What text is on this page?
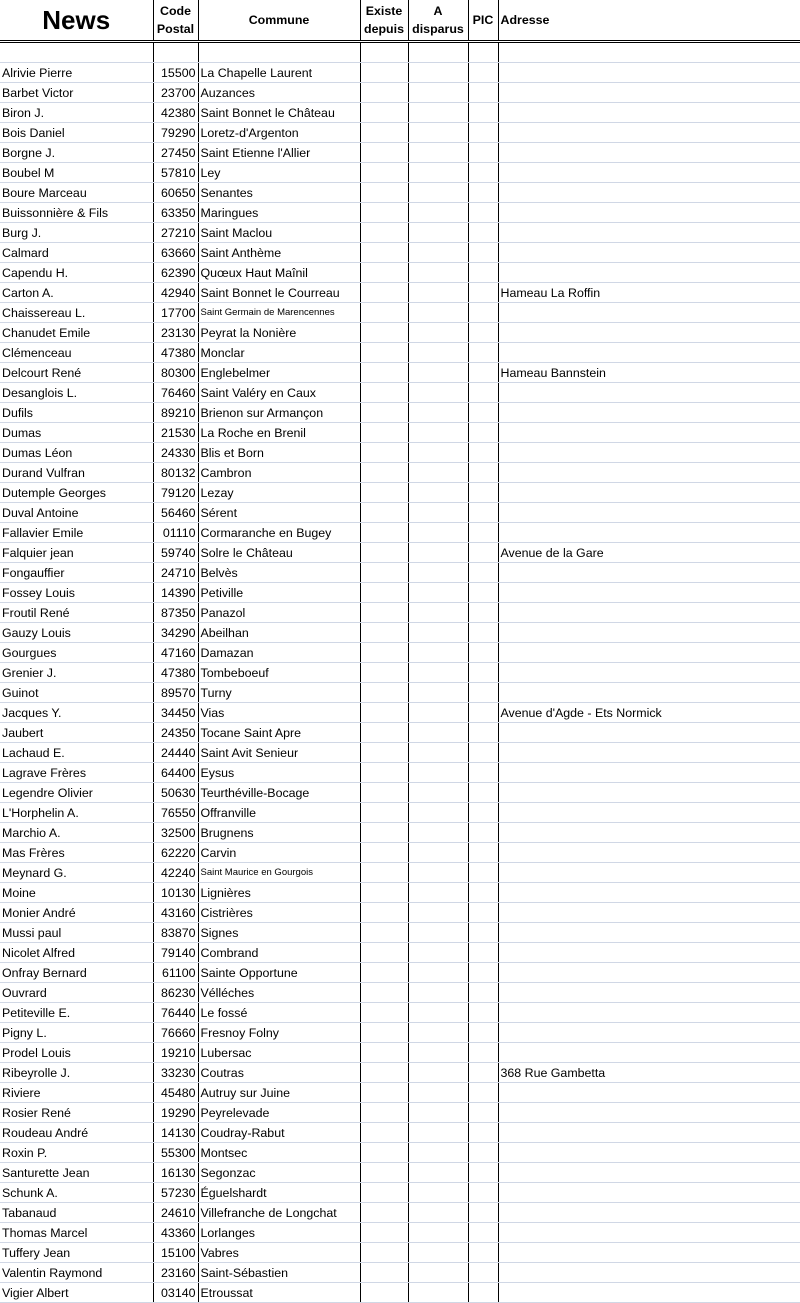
News	Code Postal	Commune	Existe depuis	A disparus	PIC	Adresse

Alrivie Pierre	15500	La Chapelle Laurent				
Barbet Victor	23700	Auzances				
Biron J.	42380	Saint Bonnet le Château				
Bois Daniel	79290	Loretz-d'Argenton				
Borgne J.	27450	Saint Etienne l'Allier				
Boubel M	57810	Ley				
Boure Marceau	60650	Senantes				
Buissonnière & Fils	63350	Maringues				
Burg J.	27210	Saint Maclou				
Calmard	63660	Saint Anthème				
Capendu H.	62390	Quœux Haut Maînil				
Carton A.	42940	Saint Bonnet le Courreau				Hameau La Roffin
Chaissereau L.	17700	Saint Germain de Marencennes				
Chanudet Emile	23130	Peyrat la Nonière				
Clémenceau	47380	Monclar				
Delcourt René	80300	Englebelmer				Hameau Bannstein
Desanglois L.	76460	Saint Valéry en Caux				
Dufils	89210	Brienon sur Armançon				
Dumas	21530	La Roche en Brenil				
Dumas Léon	24330	Blis et Born				
Durand Vulfran	80132	Cambron				
Dutemple Georges	79120	Lezay				
Duval Antoine	56460	Sérent				
Fallavier Emile	01110	Cormaranche en Bugey				
Falquier jean	59740	Solre le Château				Avenue de la Gare
Fongauffier	24710	Belvès				
Fossey Louis	14390	Petiville				
Froutil René	87350	Panazol				
Gauzy Louis	34290	Abeilhan				
Gourgues	47160	Damazan				
Grenier J.	47380	Tombeboeuf				
Guinot	89570	Turny				
Jacques Y.	34450	Vias				Avenue d'Agde - Ets Normick
Jaubert	24350	Tocane Saint Apre				
Lachaud E.	24440	Saint Avit Senieur				
Lagrave Frères	64400	Eysus				
Legendre Olivier	50630	Teurthéville-Bocage				
L'Horphelin A.	76550	Offranville				
Marchio A.	32500	Brugnens				
Mas Frères	62220	Carvin				
Meynard G.	42240	Saint Maurice en Gourgois				
Moine	10130	Lignières				
Monier André	43160	Cistrières				
Mussi paul	83870	Signes				
Nicolet Alfred	79140	Combrand				
Onfray Bernard	61100	Sainte Opportune				
Ouvrard	86230	Vélléches				
Petiteville E.	76440	Le fossé				
Pigny L.	76660	Fresnoy Folny				
Prodel Louis	19210	Lubersac				
Ribeyrolle J.	33230	Coutras				368 Rue Gambetta
Riviere	45480	Autruy sur Juine				
Rosier René	19290	Peyrelevade				
Roudeau André	14130	Coudray-Rabut				
Roxin P.	55300	Montsec				
Santurette Jean	16130	Segonzac				
Schunk A.	57230	Éguelshardt				
Tabanaud	24610	Villefranche de Longchat				
Thomas Marcel	43360	Lorlanges				
Tuffery Jean	15100	Vabres				
Valentin Raymond	23160	Saint-Sébastien				
Vigier Albert	03140	Etroussat				
